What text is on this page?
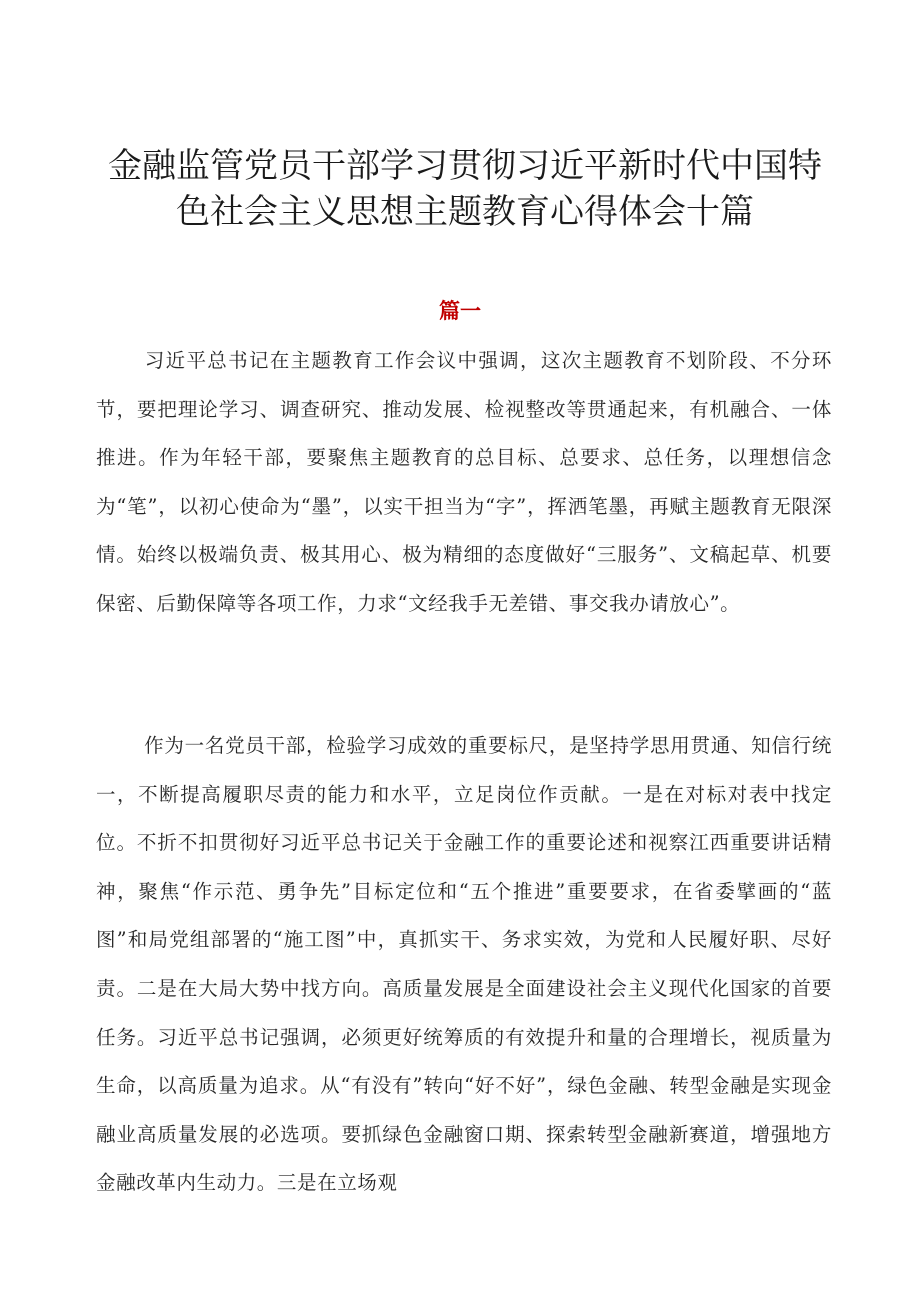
金融监管党员干部学习贯彻习近平新时代中国特
色社会主义思想主题教育心得体会十篇
篇一

习近平总书记在主题教育工作会议中强调，这次主题教育不划阶段、不分环节，要把理论学习、调查研究、推动发展、检视整改等贯通起来，有机融合、一体推进。作为年轻干部，要聚焦主题教育的总目标、总要求、总任务，以理想信念为“笔”，以初心使命为“墨”，以实干担当为“字”，挥洒笔墨，再赋主题教育无限深情。始终以极端负责、极其用心、极为精细的态度做好“三服务”、文稿起草、机要保密、后勤保障等各项工作，力求“文经我手无差错、事交我办请放心”。

作为一名党员干部，检验学习成效的重要标尺，是坚持学思用贯通、知信行统一，不断提高履职尽责的能力和水平，立足岗位作贡献。一是在对标对表中找定位。不折不扣贯彻好习近平总书记关于金融工作的重要论述和视察江西重要讲话精神，聚焦“作示范、勇争先”目标定位和“五个推进”重要要求，在省委擘画的“蓝图”和局党组部署的“施工图”中，真抓实干、务求实效，为党和人民履好职、尽好责。二是在大局大势中找方向。高质量发展是全面建设社会主义现代化国家的首要任务。习近平总书记强调，必须更好统筹质的有效提升和量的合理增长，视质量为生命，以高质量为追求。从“有没有”转向“好不好”，绿色金融、转型金融是实现金融业高质量发展的必选项。要抓绿色金融窗口期、探索转型金融新赛道，增强地方金融改革内生动力。三是在立场观
